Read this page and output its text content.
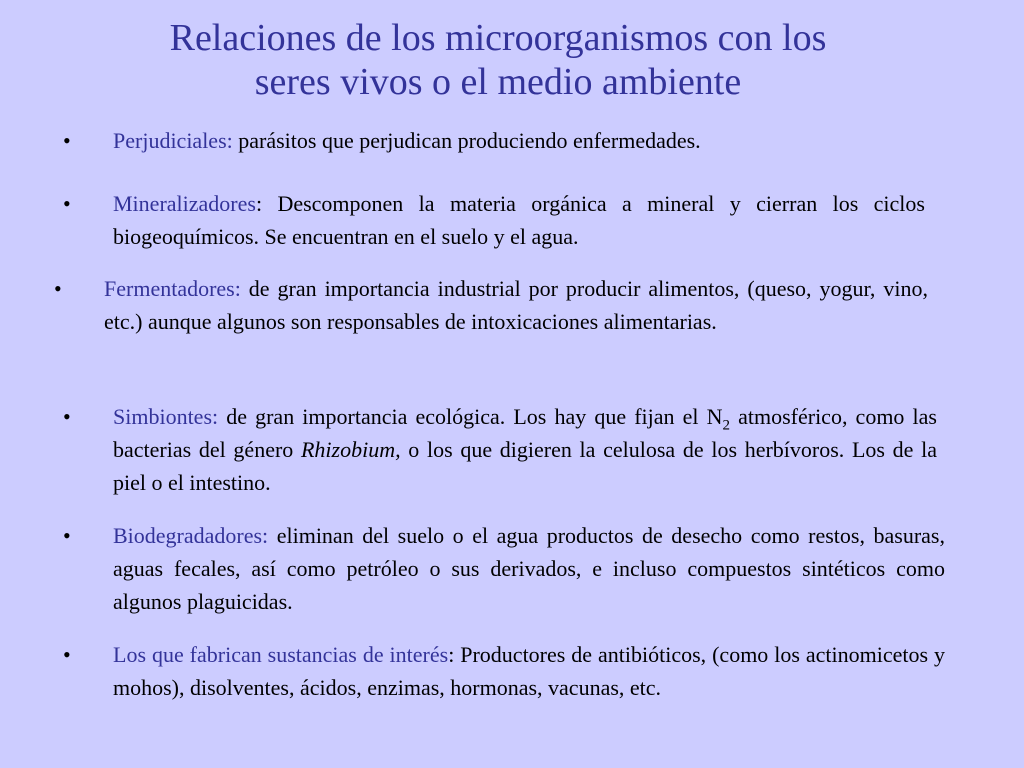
Relaciones de los microorganismos con los
seres vivos o el medio ambiente
• Perjudiciales: parásitos que perjudican produciendo enfermedades.
• Mineralizadores: Descomponen la materia orgánica a mineral y cierran los ciclos biogeoquímicos. Se encuentran en el suelo y el agua.
• Fermentadores: de gran importancia industrial por producir alimentos, (queso, yogur, vino, etc.) aunque algunos son responsables de intoxicaciones alimentarias.
• Simbiontes: de gran importancia ecológica. Los hay que fijan el $N_2$ atmosférico, como las bacterias del género Rhizobium, o los que digieren la celulosa de los herbívoros. Los de la piel o el intestino.
• Biodegradadores: eliminan del suelo o el agua productos de desecho como restos, basuras, aguas fecales, así como petróleo o sus derivados, e incluso compuestos sintéticos como algunos plaguicidas.
• Los que fabrican sustancias de interés: Productores de antibióticos, (como los actinomicetos y mohos), disolventes, ácidos, enzimas, hormonas, vacunas, etc.
